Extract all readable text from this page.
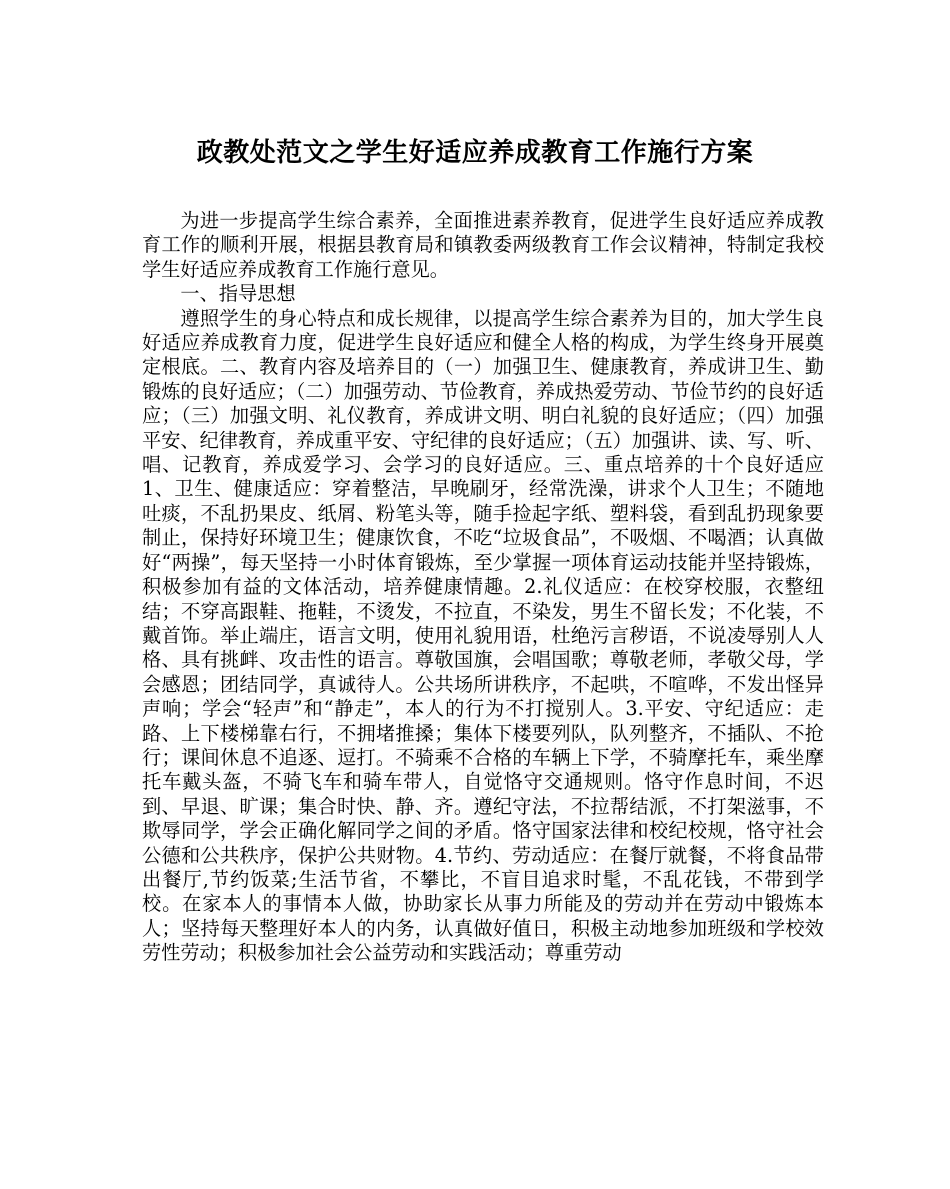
政教处范文之学生好适应养成教育工作施行方案

为进一步提高学生综合素养，全面推进素养教育，促进学生良好适应养成教育工作的顺利开展，根据县教育局和镇教委两级教育工作会议精神，特制定我校学生好适应养成教育工作施行意见。

一、指导思想

遵照学生的身心特点和成长规律，以提高学生综合素养为目的，加大学生良好适应养成教育力度，促进学生良好适应和健全人格的构成，为学生终身开展奠定根底。二、教育内容及培养目的（一）加强卫生、健康教育，养成讲卫生、勤锻炼的良好适应；（二）加强劳动、节俭教育，养成热爱劳动、节俭节约的良好适应；（三）加强文明、礼仪教育，养成讲文明、明白礼貌的良好适应；（四）加强平安、纪律教育，养成重平安、守纪律的良好适应；（五）加强讲、读、写、听、唱、记教育，养成爱学习、会学习的良好适应。三、重点培养的十个良好适应1、卫生、健康适应：穿着整洁，早晚刷牙，经常洗澡，讲求个人卫生；不随地吐痰，不乱扔果皮、纸屑、粉笔头等，随手捡起字纸、塑料袋，看到乱扔现象要制止，保持好环境卫生；健康饮食，不吃“垃圾食品”，不吸烟、不喝酒；认真做好“两操”，每天坚持一小时体育锻炼，至少掌握一项体育运动技能并坚持锻炼，积极参加有益的文体活动，培养健康情趣。2.礼仪适应：在校穿校服，衣整纽结；不穿高跟鞋、拖鞋，不烫发，不拉直，不染发，男生不留长发；不化装，不戴首饰。举止端庄，语言文明，使用礼貌用语，杜绝污言秽语，不说凌辱别人人格、具有挑衅、攻击性的语言。尊敬国旗，会唱国歌；尊敬老师，孝敬父母，学会感恩；团结同学，真诚待人。公共场所讲秩序，不起哄，不喧哗，不发出怪异声响；学会“轻声”和“静走”，本人的行为不打搅别人。3.平安、守纪适应：走路、上下楼梯靠右行，不拥堵推搡；集体下楼要列队，队列整齐，不插队、不抢行；课间休息不追逐、逗打。不骑乘不合格的车辆上下学，不骑摩托车，乘坐摩托车戴头盔，不骑飞车和骑车带人，自觉恪守交通规则。恪守作息时间，不迟到、早退、旷课；集合时快、静、齐。遵纪守法，不拉帮结派，不打架滋事，不欺辱同学，学会正确化解同学之间的矛盾。恪守国家法律和校纪校规，恪守社会公德和公共秩序，保护公共财物。4.节约、劳动适应：在餐厅就餐，不将食品带出餐厅,节约饭菜;生活节省，不攀比，不盲目追求时髦，不乱花钱，不带到学校。在家本人的事情本人做，协助家长从事力所能及的劳动并在劳动中锻炼本人；坚持每天整理好本人的内务，认真做好值日，积极主动地参加班级和学校效劳性劳动；积极参加社会公益劳动和实践活动；尊重劳动
